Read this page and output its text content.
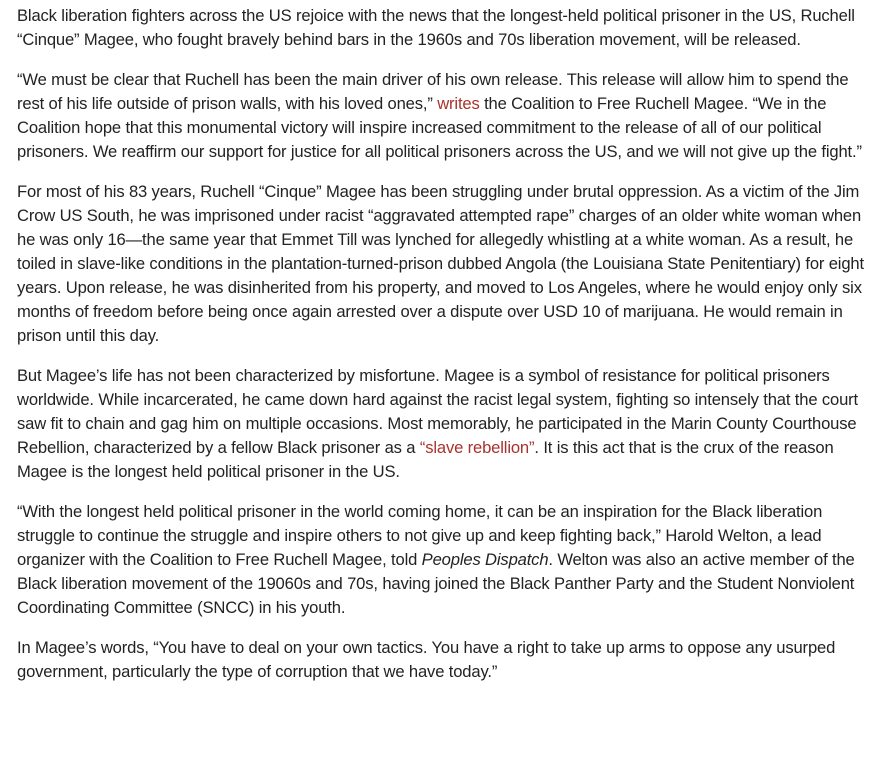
Black liberation fighters across the US rejoice with the news that the longest-held political prisoner in the US, Ruchell “Cinque” Magee, who fought bravely behind bars in the 1960s and 70s liberation movement, will be released.

“We must be clear that Ruchell has been the main driver of his own release. This release will allow him to spend the rest of his life outside of prison walls, with his loved ones,” writes the Coalition to Free Ruchell Magee. “We in the Coalition hope that this monumental victory will inspire increased commitment to the release of all of our political prisoners. We reaffirm our support for justice for all political prisoners across the US, and we will not give up the fight.”

For most of his 83 years, Ruchell “Cinque” Magee has been struggling under brutal oppression. As a victim of the Jim Crow US South, he was imprisoned under racist “aggravated attempted rape” charges of an older white woman when he was only 16—the same year that Emmet Till was lynched for allegedly whistling at a white woman. As a result, he toiled in slave-like conditions in the plantation-turned-prison dubbed Angola (the Louisiana State Penitentiary) for eight years. Upon release, he was disinherited from his property, and moved to Los Angeles, where he would enjoy only six months of freedom before being once again arrested over a dispute over USD 10 of marijuana. He would remain in prison until this day.

But Magee’s life has not been characterized by misfortune. Magee is a symbol of resistance for political prisoners worldwide. While incarcerated, he came down hard against the racist legal system, fighting so intensely that the court saw fit to chain and gag him on multiple occasions. Most memorably, he participated in the Marin County Courthouse Rebellion, characterized by a fellow Black prisoner as a “slave rebellion”. It is this act that is the crux of the reason Magee is the longest held political prisoner in the US.

“With the longest held political prisoner in the world coming home, it can be an inspiration for the Black liberation struggle to continue the struggle and inspire others to not give up and keep fighting back,” Harold Welton, a lead organizer with the Coalition to Free Ruchell Magee, told Peoples Dispatch. Welton was also an active member of the Black liberation movement of the 19060s and 70s, having joined the Black Panther Party and the Student Nonviolent Coordinating Committee (SNCC) in his youth.

In Magee’s words, “You have to deal on your own tactics. You have a right to take up arms to oppose any usurped government, particularly the type of corruption that we have today.”
